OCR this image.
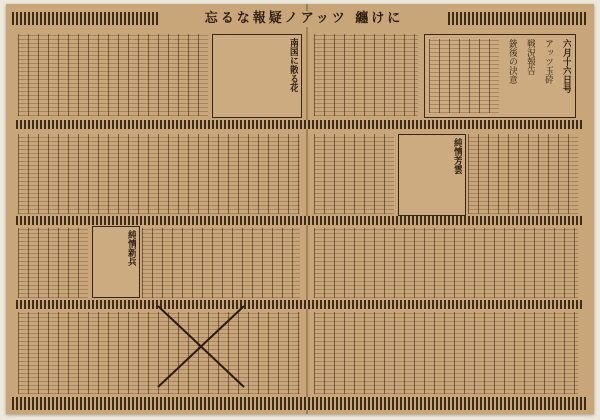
忘るな報疑ノアッツ 纏けに
六月十六日号
アッツ玉砕
戦況報告
銃後の決意
純情芳雲
南国に散る花
純情新兵
